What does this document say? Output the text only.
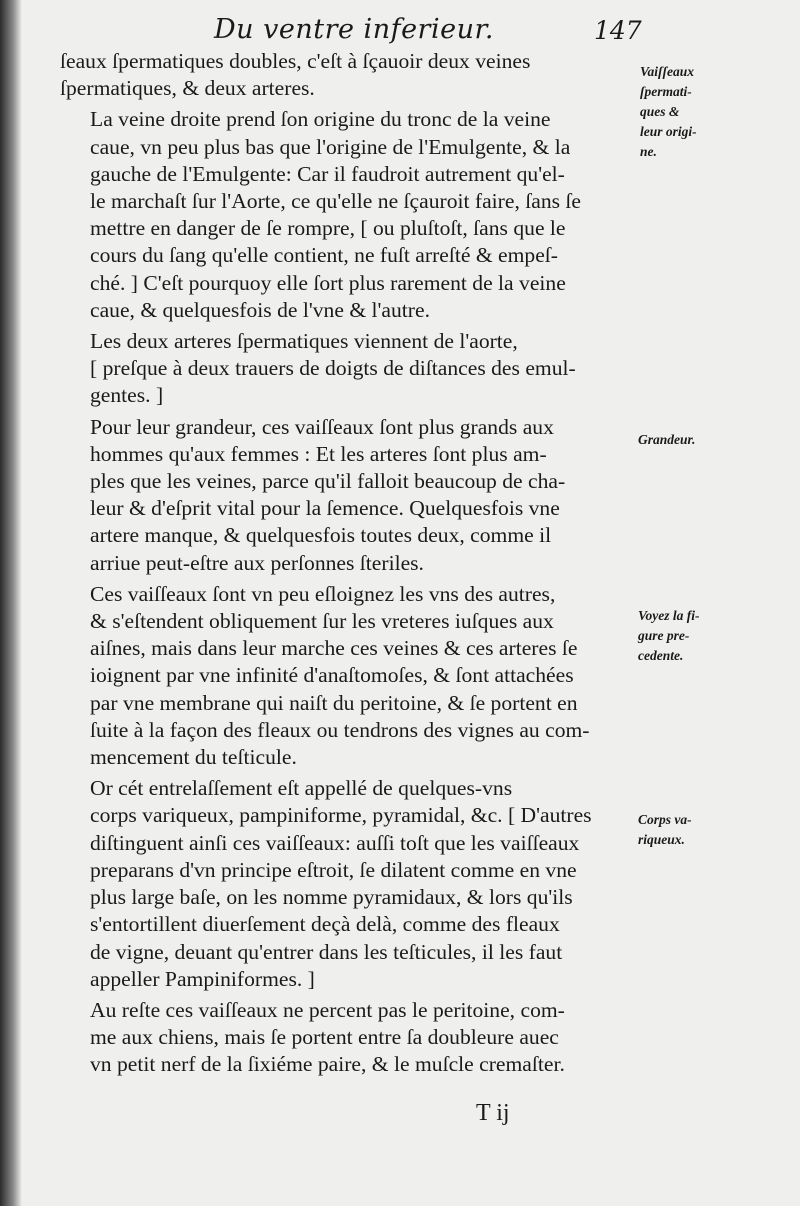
Du ventre inferieur.	147

ſeaux ſpermatiques doubles, c'eſt à ſçauoir deux veines
ſpermatiques, & deux arteres.

La veine droite prend ſon origine du tronc de la veine
caue, vn peu plus bas que l'origine de l'Emulgente, & la
gauche de l'Emulgente: Car il faudroit autrement qu'el-
le marchaſt ſur l'Aorte, ce qu'elle ne ſçauroit faire, ſans ſe
mettre en danger de ſe rompre, [ ou pluſtoſt, ſans que le
cours du ſang qu'elle contient, ne fuſt arreſté & empeſ-
ché. ] C'eſt pourquoy elle ſort plus rarement de la veine
caue, & quelquesfois de l'vne & l'autre.

Les deux arteres ſpermatiques viennent de l'aorte,
[ preſque à deux trauers de doigts de diſtances des emul-
gentes. ]

Pour leur grandeur, ces vaiſſeaux ſont plus grands aux
hommes qu'aux femmes : Et les arteres ſont plus am-
ples que les veines, parce qu'il falloit beaucoup de cha-
leur & d'eſprit vital pour la ſemence. Quelquesfois vne
artere manque, & quelquesfois toutes deux, comme il
arriue peut-eſtre aux perſonnes ſteriles.

Ces vaiſſeaux ſont vn peu eſloignez les vns des autres,
& s'eſtendent obliquement ſur les vreteres iuſques aux
aiſnes, mais dans leur marche ces veines & ces arteres ſe
ioignent par vne infinité d'anaſtomoſes, & ſont attachées
par vne membrane qui naiſt du peritoine, & ſe portent en
ſuite à la façon des fleaux ou tendrons des vignes au com-
mencement du teſticule.

Or cét entrelaſſement eſt appellé de quelques-vns
corps variqueux, pampiniforme, pyramidal, &c. [ D'autres
diſtinguent ainſi ces vaiſſeaux: auſſi toſt que les vaiſſeaux
preparans d'vn principe eſtroit, ſe dilatent comme en vne
plus large baſe, on les nomme pyramidaux, & lors qu'ils
s'entortillent diuerſement deçà delà, comme des fleaux
de vigne, deuant qu'entrer dans les teſticules, il les faut
appeller Pampiniformes. ]

Au reſte ces vaiſſeaux ne percent pas le peritoine, com-
me aux chiens, mais ſe portent entre ſa doubleure auec
vn petit nerf de la ſixiéme paire, & le muſcle cremaſter.

Vaiſſeaux
ſpermati-
ques &
leur origi-
ne.
Grandeur.
Voyez la fi-
gure pre-
cedente.
Corps va-
riqueux.
T ij
